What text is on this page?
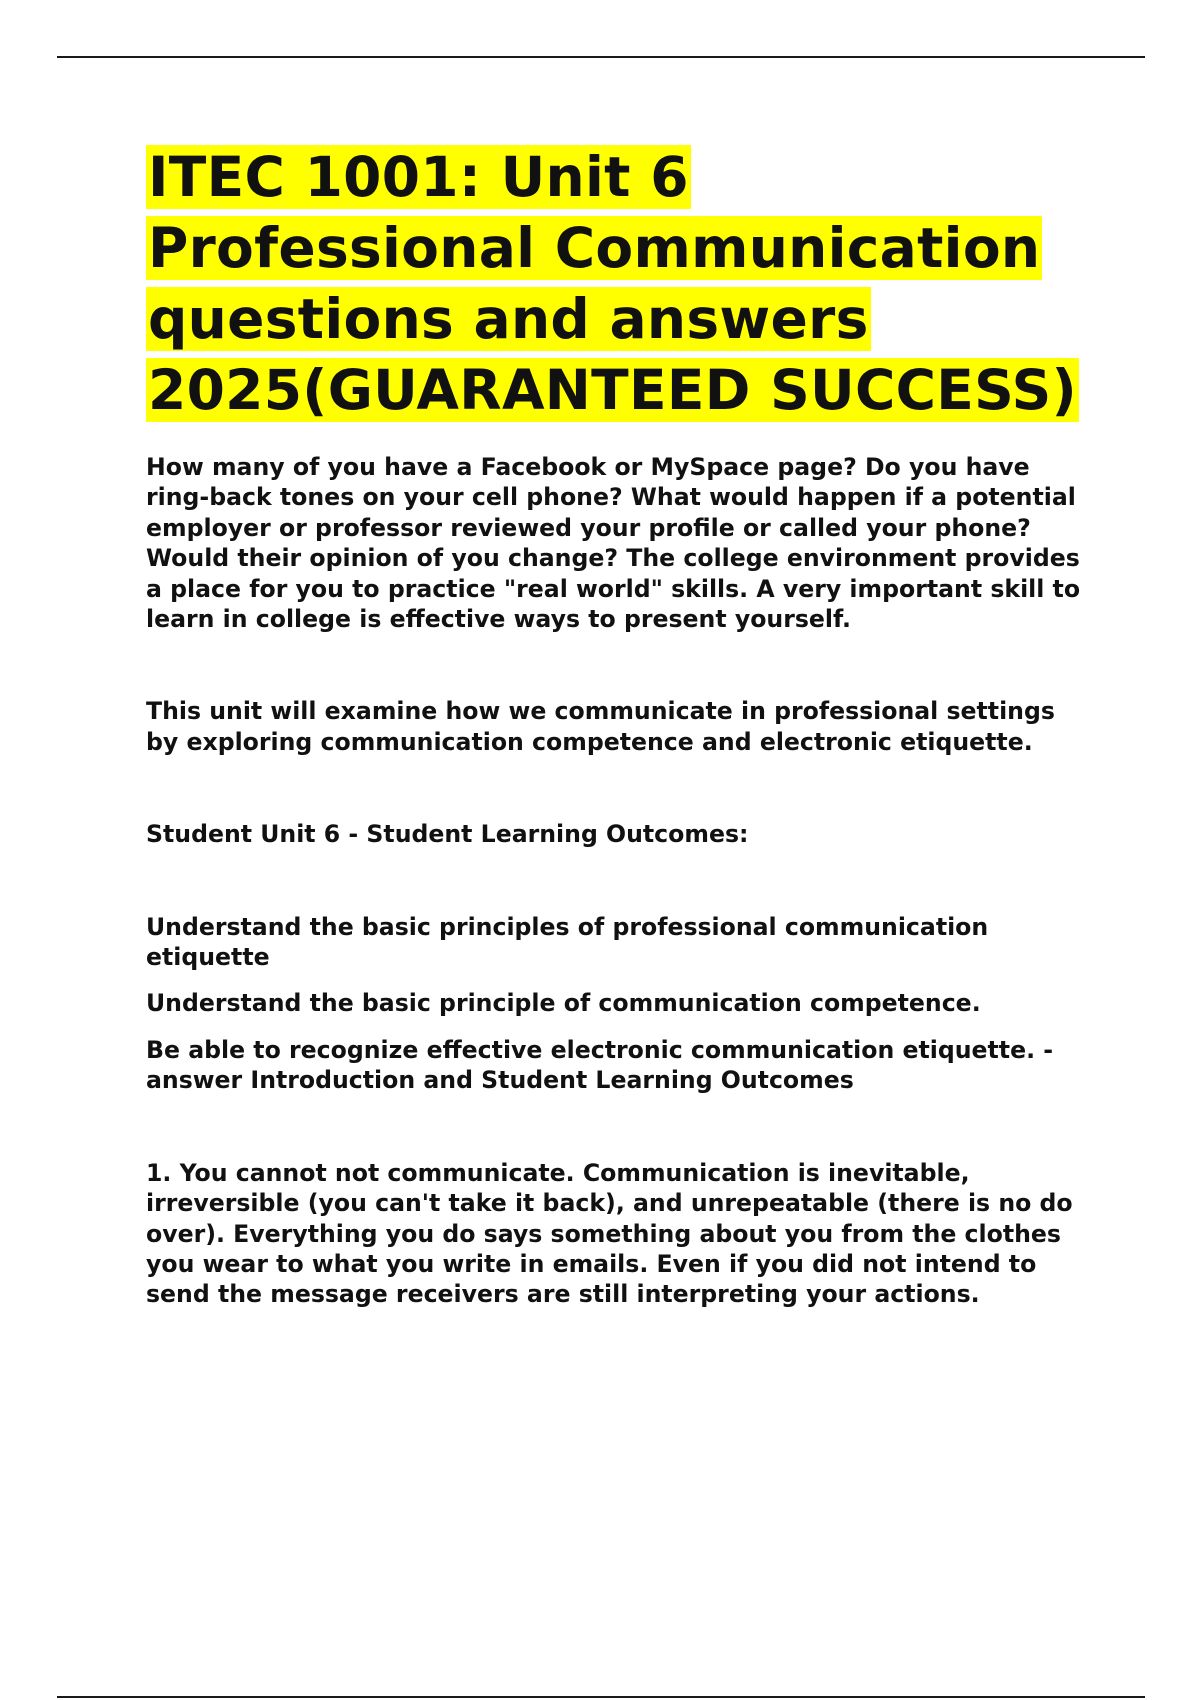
ITEC 1001: Unit 6 Professional Communication questions and answers 2025(GUARANTEED SUCCESS)

How many of you have a Facebook or MySpace page? Do you have ring-back tones on your cell phone? What would happen if a potential employer or professor reviewed your profile or called your phone? Would their opinion of you change? The college environment provides a place for you to practice "real world" skills. A very important skill to learn in college is effective ways to present yourself.

This unit will examine how we communicate in professional settings by exploring communication competence and electronic etiquette.

Student Unit 6 - Student Learning Outcomes:

Understand the basic principles of professional communication etiquette

Understand the basic principle of communication competence.

Be able to recognize effective electronic communication etiquette. - answer Introduction and Student Learning Outcomes

1. You cannot not communicate. Communication is inevitable, irreversible (you can't take it back), and unrepeatable (there is no do over). Everything you do says something about you from the clothes you wear to what you write in emails. Even if you did not intend to send the message receivers are still interpreting your actions.
